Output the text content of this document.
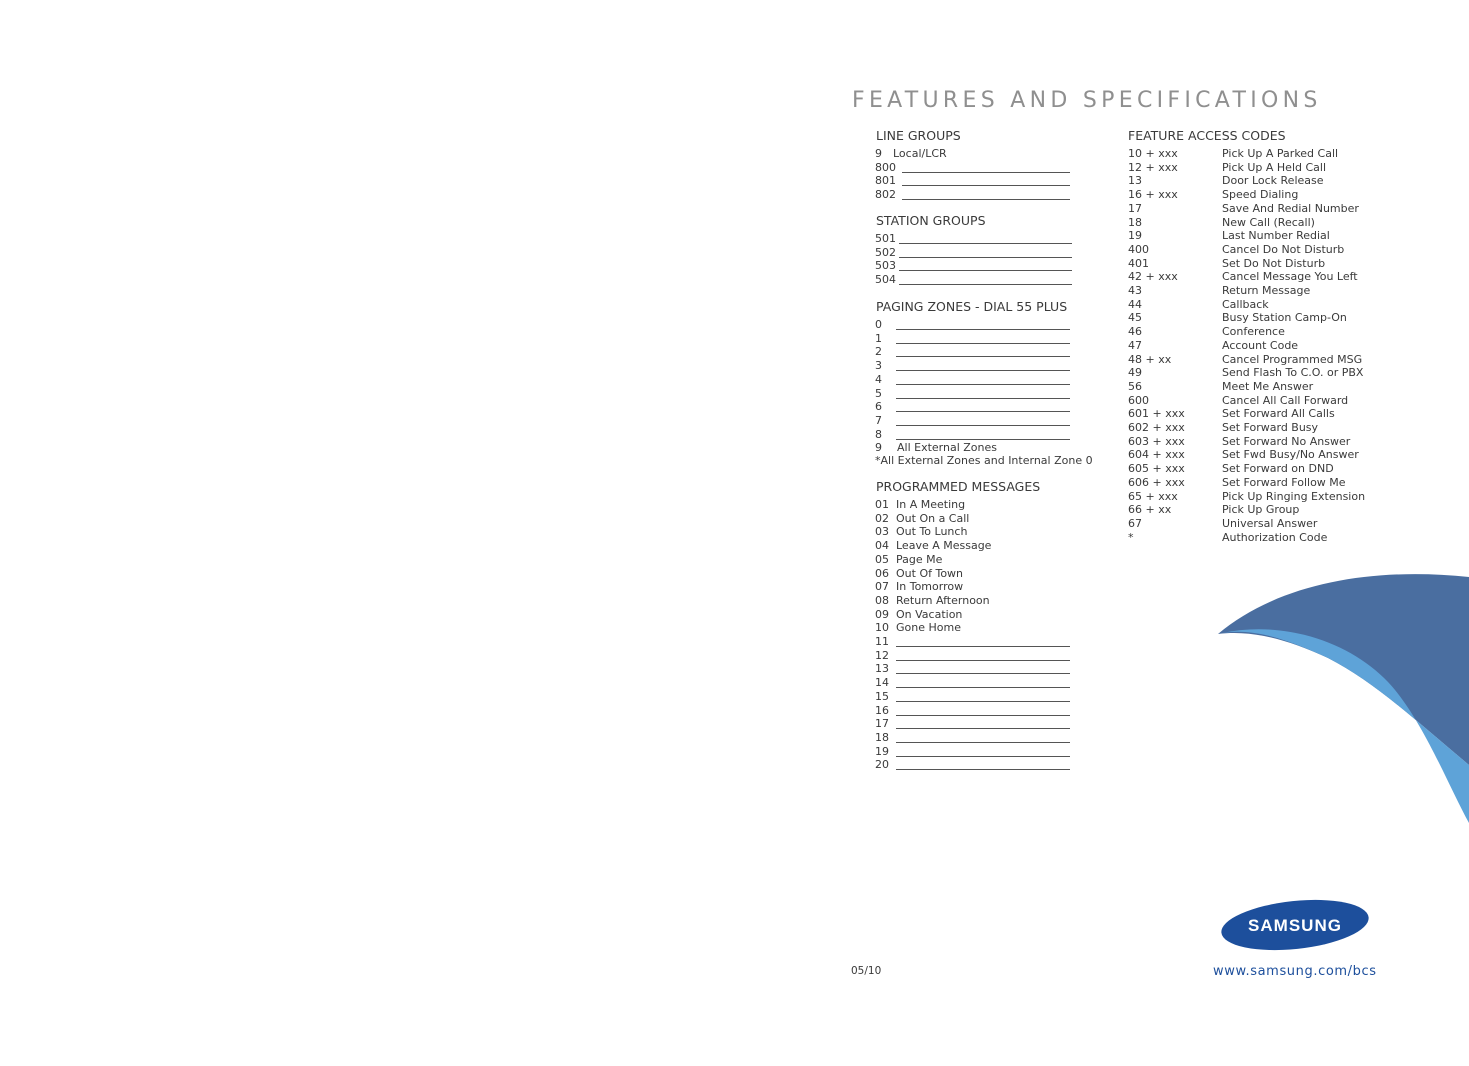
FEATURES AND SPECIFICATIONS
LINE GROUPS
9 Local/LCR
800
801
802
STATION GROUPS
501
502
503
504
PAGING ZONES - DIAL 55 PLUS
0
1
2
3
4
5
6
7
8
9 All External Zones
*All External Zones and Internal Zone 0
PROGRAMMED MESSAGES
01 In A Meeting
02 Out On a Call
03 Out To Lunch
04 Leave A Message
05 Page Me
06 Out Of Town
07 In Tomorrow
08 Return Afternoon
09 On Vacation
10 Gone Home
11
12
13
14
15
16
17
18
19
20
FEATURE ACCESS CODES
10 + xxx	Pick Up A Parked Call
12 + xxx	Pick Up A Held Call
13	Door Lock Release
16 + xxx	Speed Dialing
17	Save And Redial Number
18	New Call (Recall)
19	Last Number Redial
400	Cancel Do Not Disturb
401	Set Do Not Disturb
42 + xxx	Cancel Message You Left
43	Return Message
44	Callback
45	Busy Station Camp-On
46	Conference
47	Account Code
48 + xx	Cancel Programmed MSG
49	Send Flash To C.O. or PBX
56	Meet Me Answer
600	Cancel All Call Forward
601 + xxx	Set Forward All Calls
602 + xxx	Set Forward Busy
603 + xxx	Set Forward No Answer
604 + xxx	Set Fwd Busy/No Answer
605 + xxx	Set Forward on DND
606 + xxx	Set Forward Follow Me
65 + xxx	Pick Up Ringing Extension
66 + xx	Pick Up Group
67	Universal Answer
*	Authorization Code
SAMSUNG
05/10	www.samsung.com/bcs
